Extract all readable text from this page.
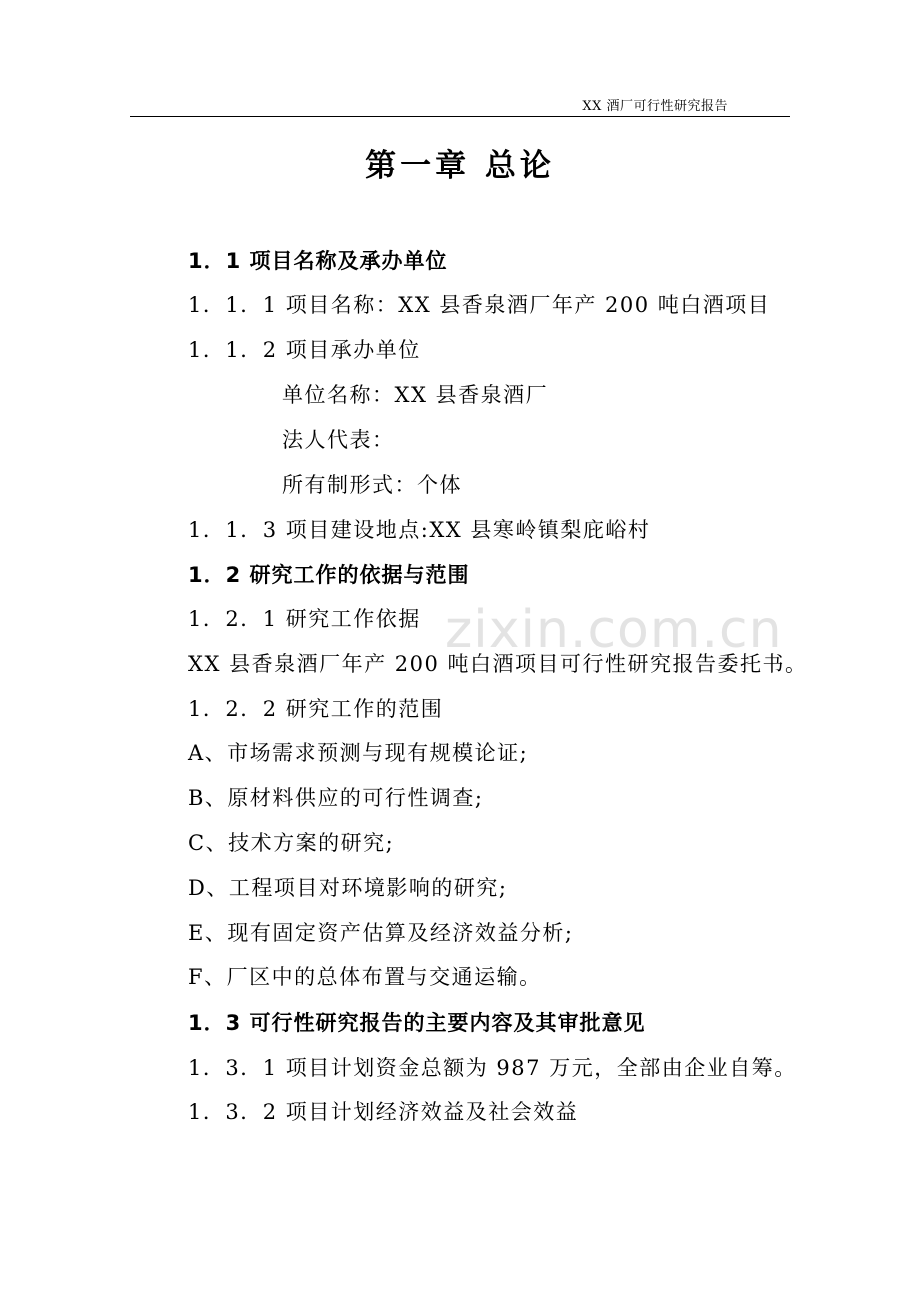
XX 酒厂可行性研究报告
zixin.com.cn
第一章 总论
1．1 项目名称及承办单位
1．1．1 项目名称：XX 县香泉酒厂年产 200 吨白酒项目
1．1．2 项目承办单位
单位名称：XX 县香泉酒厂
法人代表：
所有制形式：个体
1．1．3 项目建设地点:XX 县寒岭镇梨庇峪村
1．2 研究工作的依据与范围
1．2．1 研究工作依据
XX 县香泉酒厂年产 200 吨白酒项目可行性研究报告委托书。
1．2．2 研究工作的范围
A、市场需求预测与现有规模论证;
B、原材料供应的可行性调查;
C、技术方案的研究;
D、工程项目对环境影响的研究;
E、现有固定资产估算及经济效益分析;
F、厂区中的总体布置与交通运输。
1．3 可行性研究报告的主要内容及其审批意见
1．3．1 项目计划资金总额为 987 万元，全部由企业自筹。
1．3．2 项目计划经济效益及社会效益
